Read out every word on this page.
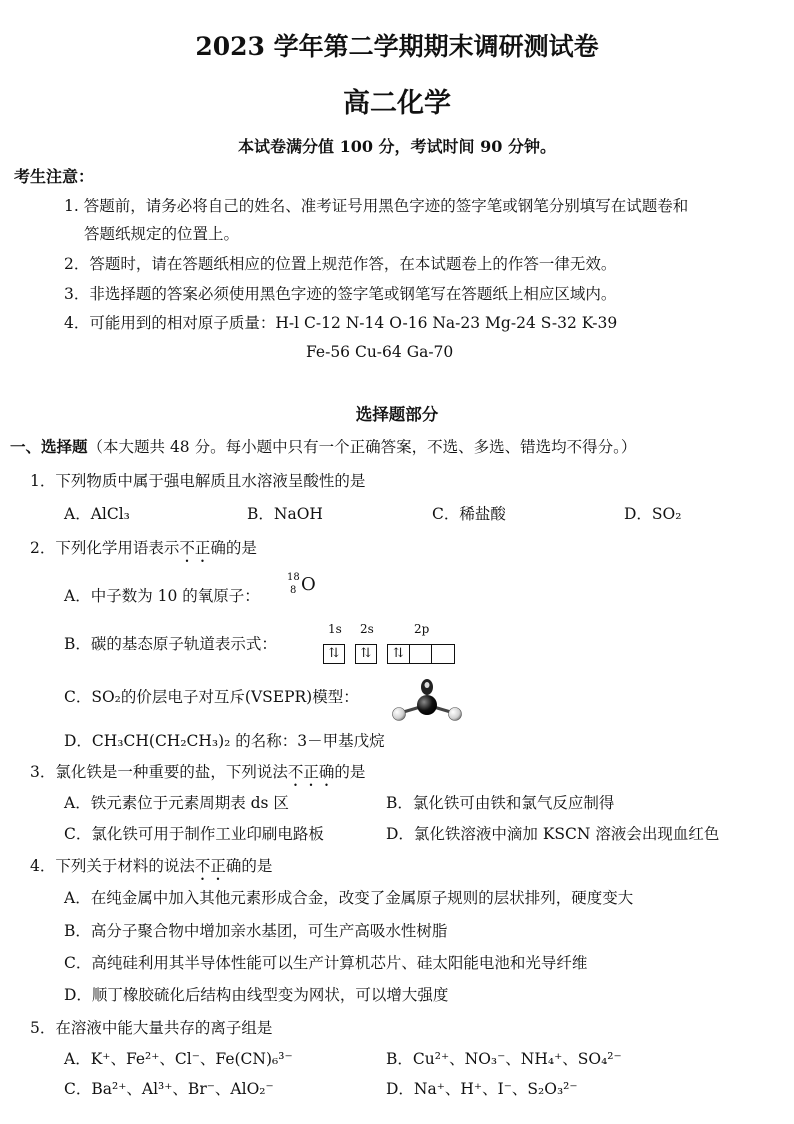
2023 学年第二学期期末调研测试卷
高二化学
本试卷满分值 100 分，考试时间 90 分钟。
考生注意：
1. 答题前，请务必将自己的姓名、准考证号用黑色字迹的签字笔或钢笔分别填写在试题卷和
答题纸规定的位置上。
2．答题时，请在答题纸相应的位置上规范作答，在本试题卷上的作答一律无效。
3．非选择题的答案必须使用黑色字迹的签字笔或钢笔写在答题纸上相应区域内。
4．可能用到的相对原子质量：H-l C-12 N-14 O-16 Na-23 Mg-24 S-32 K-39
Fe-56 Cu-64 Ga-70
选择题部分
一、选择题（本大题共 48 分。每小题中只有一个正确答案，不选、多选、错选均不得分。）
1．下列物质中属于强电解质且水溶液呈酸性的是
A．AlCl₃	B．NaOH	C．稀盐酸	D．SO₂
2．下列化学用语表示不正确的是
A．中子数为 10 的氧原子：
18
8 O
B．碳的基态原子轨道表示式：
1s 2s	2p
⇅	⇅	⇅
C．SO₂的价层电子对互斥(VSEPR)模型：
D．CH₃CH(CH₂CH₃)₂ 的名称：3－甲基戊烷
3．氯化铁是一种重要的盐，下列说法不正确的是
A．铁元素位于元素周期表 ds 区	B．氯化铁可由铁和氯气反应制得
C．氯化铁可用于制作工业印刷电路板	D．氯化铁溶液中滴加 KSCN 溶液会出现血红色
4．下列关于材料的说法不正确的是
A．在纯金属中加入其他元素形成合金，改变了金属原子规则的层状排列，硬度变大
B．高分子聚合物中增加亲水基团，可生产高吸水性树脂
C．高纯硅利用其半导体性能可以生产计算机芯片、硅太阳能电池和光导纤维
D．顺丁橡胶硫化后结构由线型变为网状，可以增大强度
5．在溶液中能大量共存的离子组是
A．K⁺、Fe²⁺、Cl⁻、Fe(CN)₆³⁻	B．Cu²⁺、NO₃⁻、NH₄⁺、SO₄²⁻
C．Ba²⁺、Al³⁺、Br⁻、AlO₂⁻	D．Na⁺、H⁺、I⁻、S₂O₃²⁻
